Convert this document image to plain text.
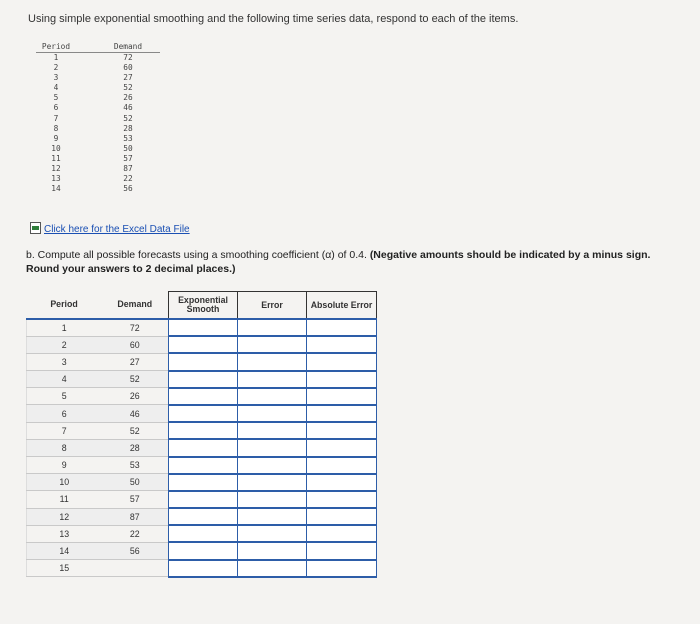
Using simple exponential smoothing and the following time series data, respond to each of the items.

Period	Demand
1	72
2	60
3	27
4	52
5	26
6	46
7	52
8	28
9	53
10	50
11	57
12	87
13	22
14	56
Click here for the Excel Data File
b. Compute all possible forecasts using a smoothing coefficient (α) of 0.4. (Negative amounts should be indicated by a minus sign. Round your answers to 2 decimal places.)
Period	Demand	Exponential Smooth	Error	Absolute Error
1	72			
2	60			
3	27			
4	52			
5	26			
6	46			
7	52			
8	28			
9	53			
10	50			
11	57			
12	87			
13	22			
14	56			
15				
